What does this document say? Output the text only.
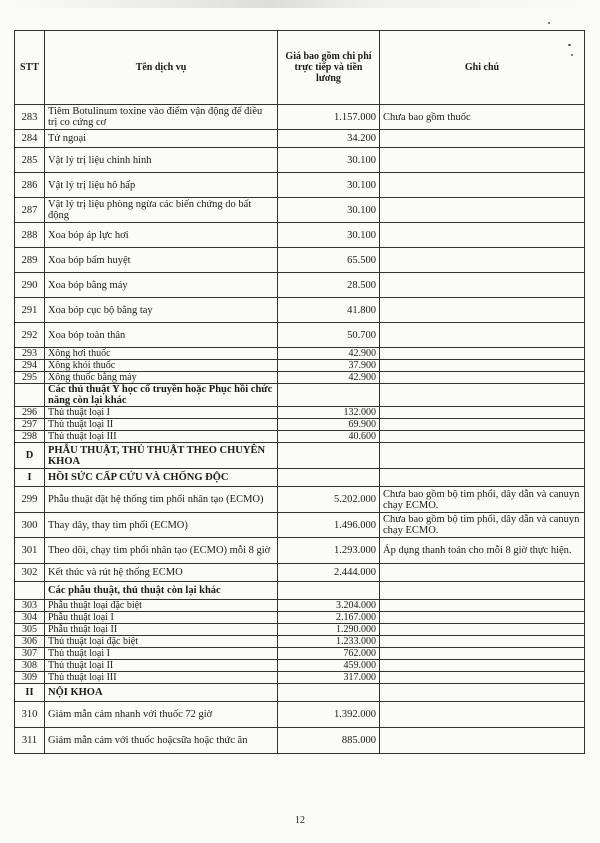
STT	Tên dịch vụ	Giá bao gồm chi phí trực tiếp và tiền lương	Ghi chú
283	Tiêm Botulinum toxine vào điểm vận động để điều trị co cứng cơ	1.157.000	Chưa bao gồm thuốc
284	Tử ngoại	34.200	
285	Vật lý trị liệu chỉnh hình	30.100	
286	Vật lý trị liệu hô hấp	30.100	
287	Vật lý trị liệu phòng ngừa các biến chứng do bất động	30.100	
288	Xoa bóp áp lực hơi	30.100	
289	Xoa bóp bấm huyệt	65.500	
290	Xoa bóp bằng máy	28.500	
291	Xoa bóp cục bộ bằng tay	41.800	
292	Xoa bóp toàn thân	50.700	
293	Xông hơi thuốc	42.900	
294	Xông khói thuốc	37.900	
295	Xông thuốc bằng máy	42.900	
	Các thủ thuật Y học cổ truyền hoặc Phục hồi chức năng còn lại khác		
296	Thủ thuật loại I	132.000	
297	Thủ thuật loại II	69.900	
298	Thủ thuật loại III	40.600	
D	PHẪU THUẬT, THỦ THUẬT THEO CHUYÊN KHOA		
I	HỒI SỨC CẤP CỨU VÀ CHỐNG ĐỘC		
299	Phẫu thuật đặt hệ thống tim phổi nhân tạo (ECMO)	5.202.000	Chưa bao gồm bộ tim phổi, dây dẫn và canuyn chạy ECMO.
300	Thay dây, thay tim phổi (ECMO)	1.496.000	Chưa bao gồm bộ tim phổi, dây dẫn và canuyn chạy ECMO.
301	Theo dõi, chạy tim phổi nhân tạo (ECMO) mỗi 8 giờ	1.293.000	Áp dụng thanh toán cho mỗi 8 giờ thực hiện.
302	Kết thúc và rút hệ thống ECMO	2.444.000	
	Các phẫu thuật, thủ thuật còn lại khác		
303	Phẫu thuật loại đặc biệt	3.204.000	
304	Phẫu thuật loại I	2.167.000	
305	Phẫu thuật loại II	1.290.000	
306	Thủ thuật loại đặc biệt	1.233.000	
307	Thủ thuật loại I	762.000	
308	Thủ thuật loại II	459.000	
309	Thủ thuật loại III	317.000	
II	NỘI KHOA		
310	Giảm mẫn cảm nhanh với thuốc 72 giờ	1.392.000	
311	Giảm mẫn cảm với thuốc hoặcsữa hoặc thức ăn	885.000	
12
